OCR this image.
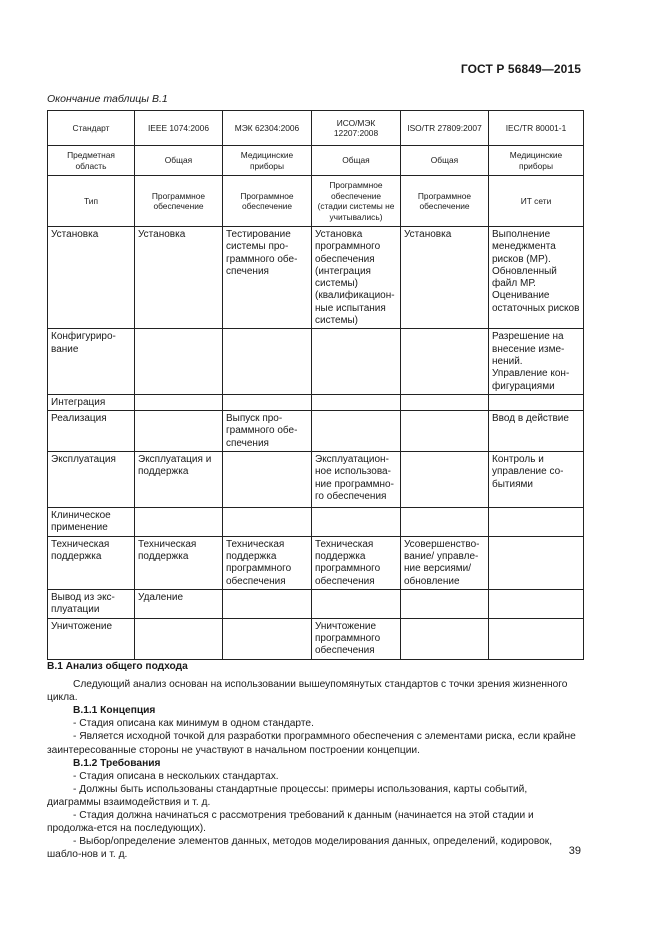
ГОСТ Р 56849—2015
Окончание таблицы В.1
Стандарт	IEEE 1074:2006	МЭК 62304:2006	ИСО/МЭК 12207:2008	ISO/TR 27809:2007	IEC/TR 80001-1
Предметная область	Общая	Медицинские приборы	Общая	Общая	Медицинские приборы
Тип	Программное обеспечение	Программное обеспечение	Программное обеспечение (стадии системы не учитывались)	Программное обеспечение	ИТ сети
Установка	Установка	Тестирование системы про-граммного обе-спечения	Установка программного обеспечения (интеграция системы) (квалификацион-ные испытания системы)	Установка	Выполнение менеджмента рисков (МР). Обновленный файл МР. Оценивание остаточных рисков
Конфигуриро-вание					Разрешение на внесение изме-нений. Управление кон-фигурациями
Интеграция					
Реализация		Выпуск про-граммного обе-спечения			Ввод в действие
Эксплуатация	Эксплуатация и поддержка		Эксплуатацион-ное использова-ние программно-го обеспечения		Контроль и управление со-бытиями
Клиническое применение					
Техническая поддержка	Техническая поддержка	Техническая поддержка программного обеспечения	Техническая поддержка программного обеспечения	Усовершенство-вание/ управле-ние версиями/ обновление	
Вывод из экс-плуатации	Удаление				
Уничтожение			Уничтожение программного обеспечения		

В.1 Анализ общего подхода

Следующий анализ основан на использовании вышеупомянутых стандартов с точки зрения жизненного цикла.

В.1.1 Концепция

- Стадия описана как минимум в одном стандарте.

- Является исходной точкой для разработки программного обеспечения с элементами риска, если крайне заинтересованные стороны не участвуют в начальном построении концепции.

В.1.2 Требования

- Стадия описана в нескольких стандартах.

- Должны быть использованы стандартные процессы: примеры использования, карты событий, диаграммы взаимодействия и т. д.

- Стадия должна начинаться с рассмотрения требований к данным (начинается на этой стадии и продолжа-ется на последующих).

- Выбор/определение элементов данных, методов моделирования данных, определений, кодировок, шабло-нов и т. д.	39
